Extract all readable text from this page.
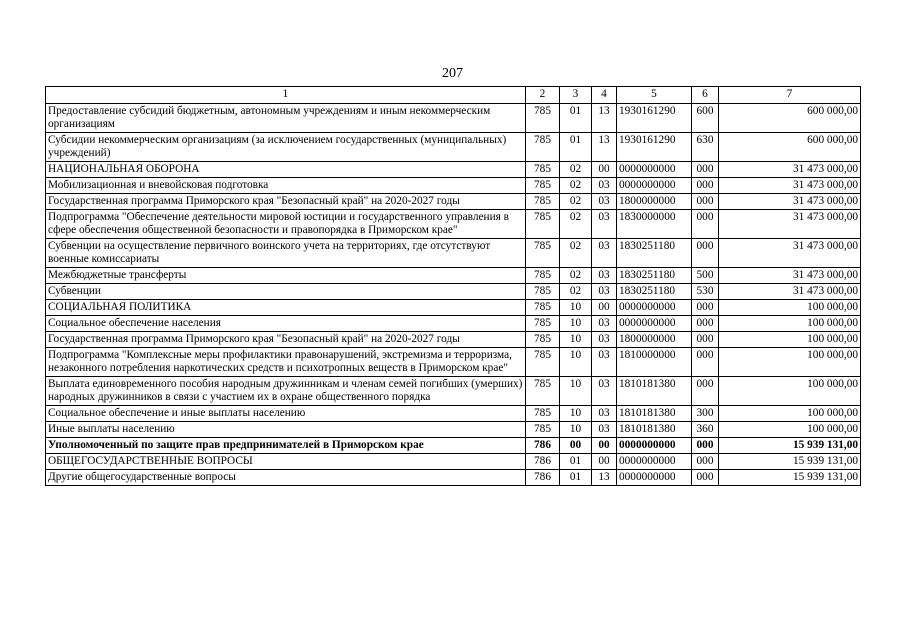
207
1	2	3	4	5	6	7
Предоставление субсидий бюджетным, автономным учреждениям и иным некоммерческим организациям	785	01	13	1930161290	600	600 000,00
Субсидии некоммерческим организациям (за исключением государственных (муниципальных) учреждений)	785	01	13	1930161290	630	600 000,00
НАЦИОНАЛЬНАЯ ОБОРОНА	785	02	00	0000000000	000	31 473 000,00
Мобилизационная и вневойсковая подготовка	785	02	03	0000000000	000	31 473 000,00
Государственная программа Приморского края "Безопасный край" на 2020-2027 годы	785	02	03	1800000000	000	31 473 000,00
Подпрограмма "Обеспечение деятельности мировой юстиции и государственного управления в сфере обеспечения общественной безопасности и правопорядка в Приморском крае"	785	02	03	1830000000	000	31 473 000,00
Субвенции на осуществление первичного воинского учета на территориях, где отсутствуют военные комиссариаты	785	02	03	1830251180	000	31 473 000,00
Межбюджетные трансферты	785	02	03	1830251180	500	31 473 000,00
Субвенции	785	02	03	1830251180	530	31 473 000,00
СОЦИАЛЬНАЯ ПОЛИТИКА	785	10	00	0000000000	000	100 000,00
Социальное обеспечение населения	785	10	03	0000000000	000	100 000,00
Государственная программа Приморского края "Безопасный край" на 2020-2027 годы	785	10	03	1800000000	000	100 000,00
Подпрограмма "Комплексные меры профилактики правонарушений, экстремизма и терроризма, незаконного потребления наркотических средств и психотропных веществ в Приморском крае"	785	10	03	1810000000	000	100 000,00
Выплата единовременного пособия народным дружинникам и членам семей погибших (умерших) народных дружинников в связи с участием их в охране общественного порядка	785	10	03	1810181380	000	100 000,00
Социальное обеспечение и иные выплаты населению	785	10	03	1810181380	300	100 000,00
Иные выплаты населению	785	10	03	1810181380	360	100 000,00
Уполномоченный по защите прав предпринимателей в Приморском крае	786	00	00	0000000000	000	15 939 131,00
ОБЩЕГОСУДАРСТВЕННЫЕ ВОПРОСЫ	786	01	00	0000000000	000	15 939 131,00
Другие общегосударственные вопросы	786	01	13	0000000000	000	15 939 131,00
